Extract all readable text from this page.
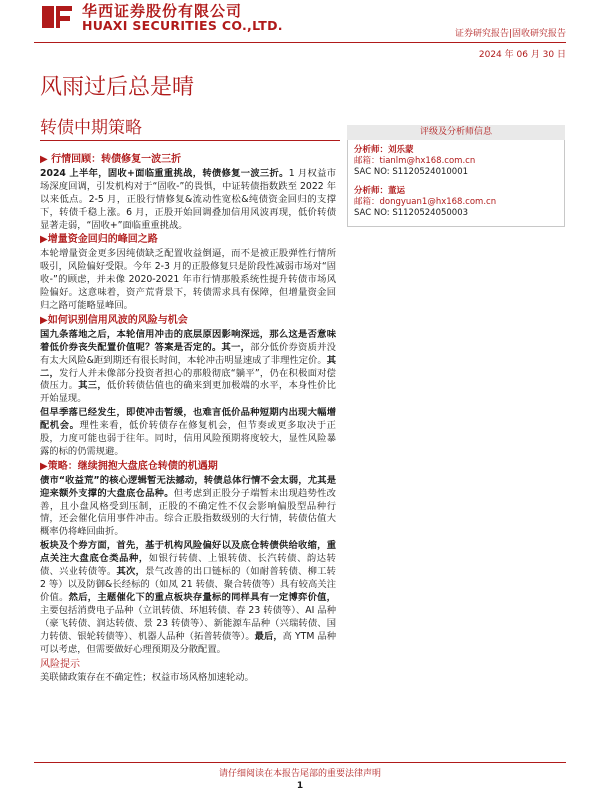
华西证券股份有限公司
HUAXI SECURITIES CO.,LTD.
证券研究报告|固收研究报告
2024 年 06 月 30 日
风雨过后总是晴
转债中期策略	评级及分析师信息
分析师：刘乐蒙
邮箱：tianlm@hx168.com.cn
SAC NO: S1120524010001
分析师：董运
邮箱：dongyuan1@hx168.com.cn
SAC NO: S1120524050003
▶ 行情回顾：转债修复一波三折
2024 上半年，固收+面临重重挑战，转债修复一波三折。1 月权益市场深度回调，引发机构对于“固收-”的畏惧，中证转债指数跌至 2022 年以来低点。2-5 月，正股行情修复&流动性宽松&纯债资金回归的支撑下，转债千稳上涨。6 月，正股开始回调叠加信用风波再现，低价转债显著走弱，“固收+”面临重重挑战。
▶增量资金回归的峰回之路
本轮增量资金更多因纯债缺乏配置收益倒逼，而不是被正股弹性行情所吸引，风险偏好受限。今年 2-3 月的正股修复只是阶段性减弱市场对“固收-”的顾虑，并未像 2020-2021 年市行情那般系统性提升转债市场风险偏好。这意味着，资产荒背景下，转债需求具有保障，但增量资金回归之路可能略显峰回。
▶如何识别信用风波的风险与机会
国九条落地之后，本轮信用冲击的底层原因影响深远，那么这是否意味着低价券丧失配置价值呢？答案是否定的。其一，部分低价券资质并没有太大风险&距到期还有很长时间，本轮冲击明显速成了非理性定价。其二，发行人并未像部分投资者担心的那般彻底“躺平”，仍在积极面对偿债压力。其三，低价转债估值也的确来到更加极端的水平，本身性价比开始显现。
但早季落已经发生，即使冲击暂缓，也难言低价品种短期内出现大幅增配机会。理性来看，低价转债存在修复机会，但节奏或更多取决于正股，力度可能也弱于往年。同时，信用风险预期将度较大，显性风险暴露的标的仍需规避。
▶策略：继续拥抱大盘底仓转债的机遇期
债市“收益荒”的核心逻辑暂无法撼动，转债总体行情不会太弱，尤其是迎来额外支撑的大盘底仓品种。但考虑到正股分子端暂未出现趋势性改善，且小盘风格受到压制，正股的不确定性不仅会影响偏股型品种行情，还会催化信用事件冲击。综合正股指数级别的大行情，转债估值大概率仍将峰回曲折。
板块及个券方面，首先，基于机构风险偏好以及底仓转债供给收缩，重点关注大盘底仓类品种，如银行转债、上银转债、长汽转债、韵达转债、兴业转债等。其次，景气改善的出口链标的（如耐普转债、柳工转 2 等）以及防御&长经标的（如凤 21 转债、聚合转债等）具有较高关注价值。然后，主题催化下的重点板块存量标的同样具有一定博弈价值，主要包括消费电子品种（立讯转债、环旭转债、春 23 转债等）、AI 品种（豪飞转债、润达转债、景 23 转债等）、新能源车品种（兴瑞转债、国力转债、银轮转债等）、机器人品种（拓普转债等）。最后，高 YTM 品种可以考虑，但需要做好心理预期及分散配置。
风险提示
美联储政策存在不确定性；权益市场风格加速轮动。
请仔细阅读在本报告尾部的重要法律声明
1
